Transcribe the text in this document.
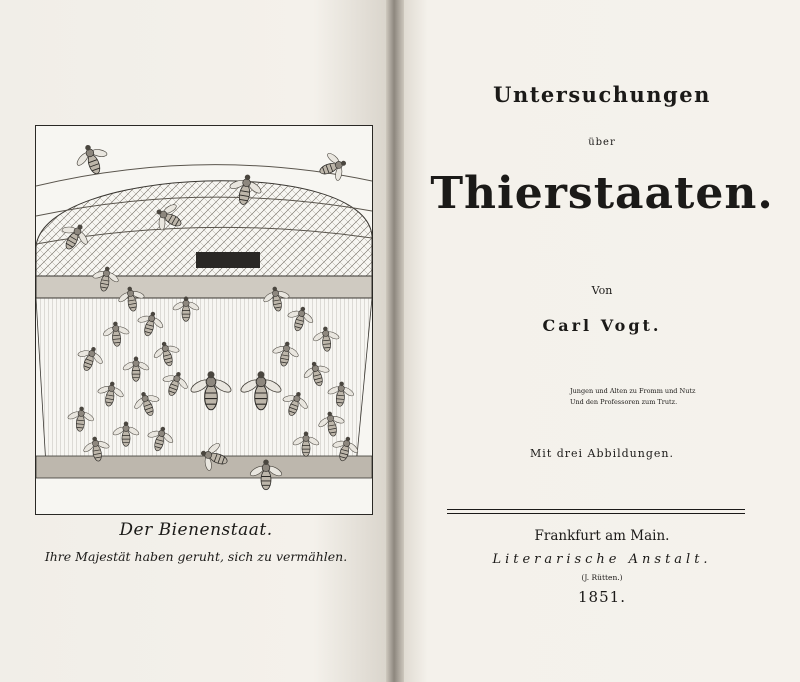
Der Bienenstaat.
Ihre Majestät haben geruht, sich zu vermählen.
Untersuchungen
über
Thierstaaten.
Von
Carl Vogt.
Jungen und Alten zu Fromm und Nutz
Und den Professoren zum Trutz.
Mit drei Abbildungen.
Frankfurt am Main.
Literarische Anstalt.
(J. Rütten.)
1851.
